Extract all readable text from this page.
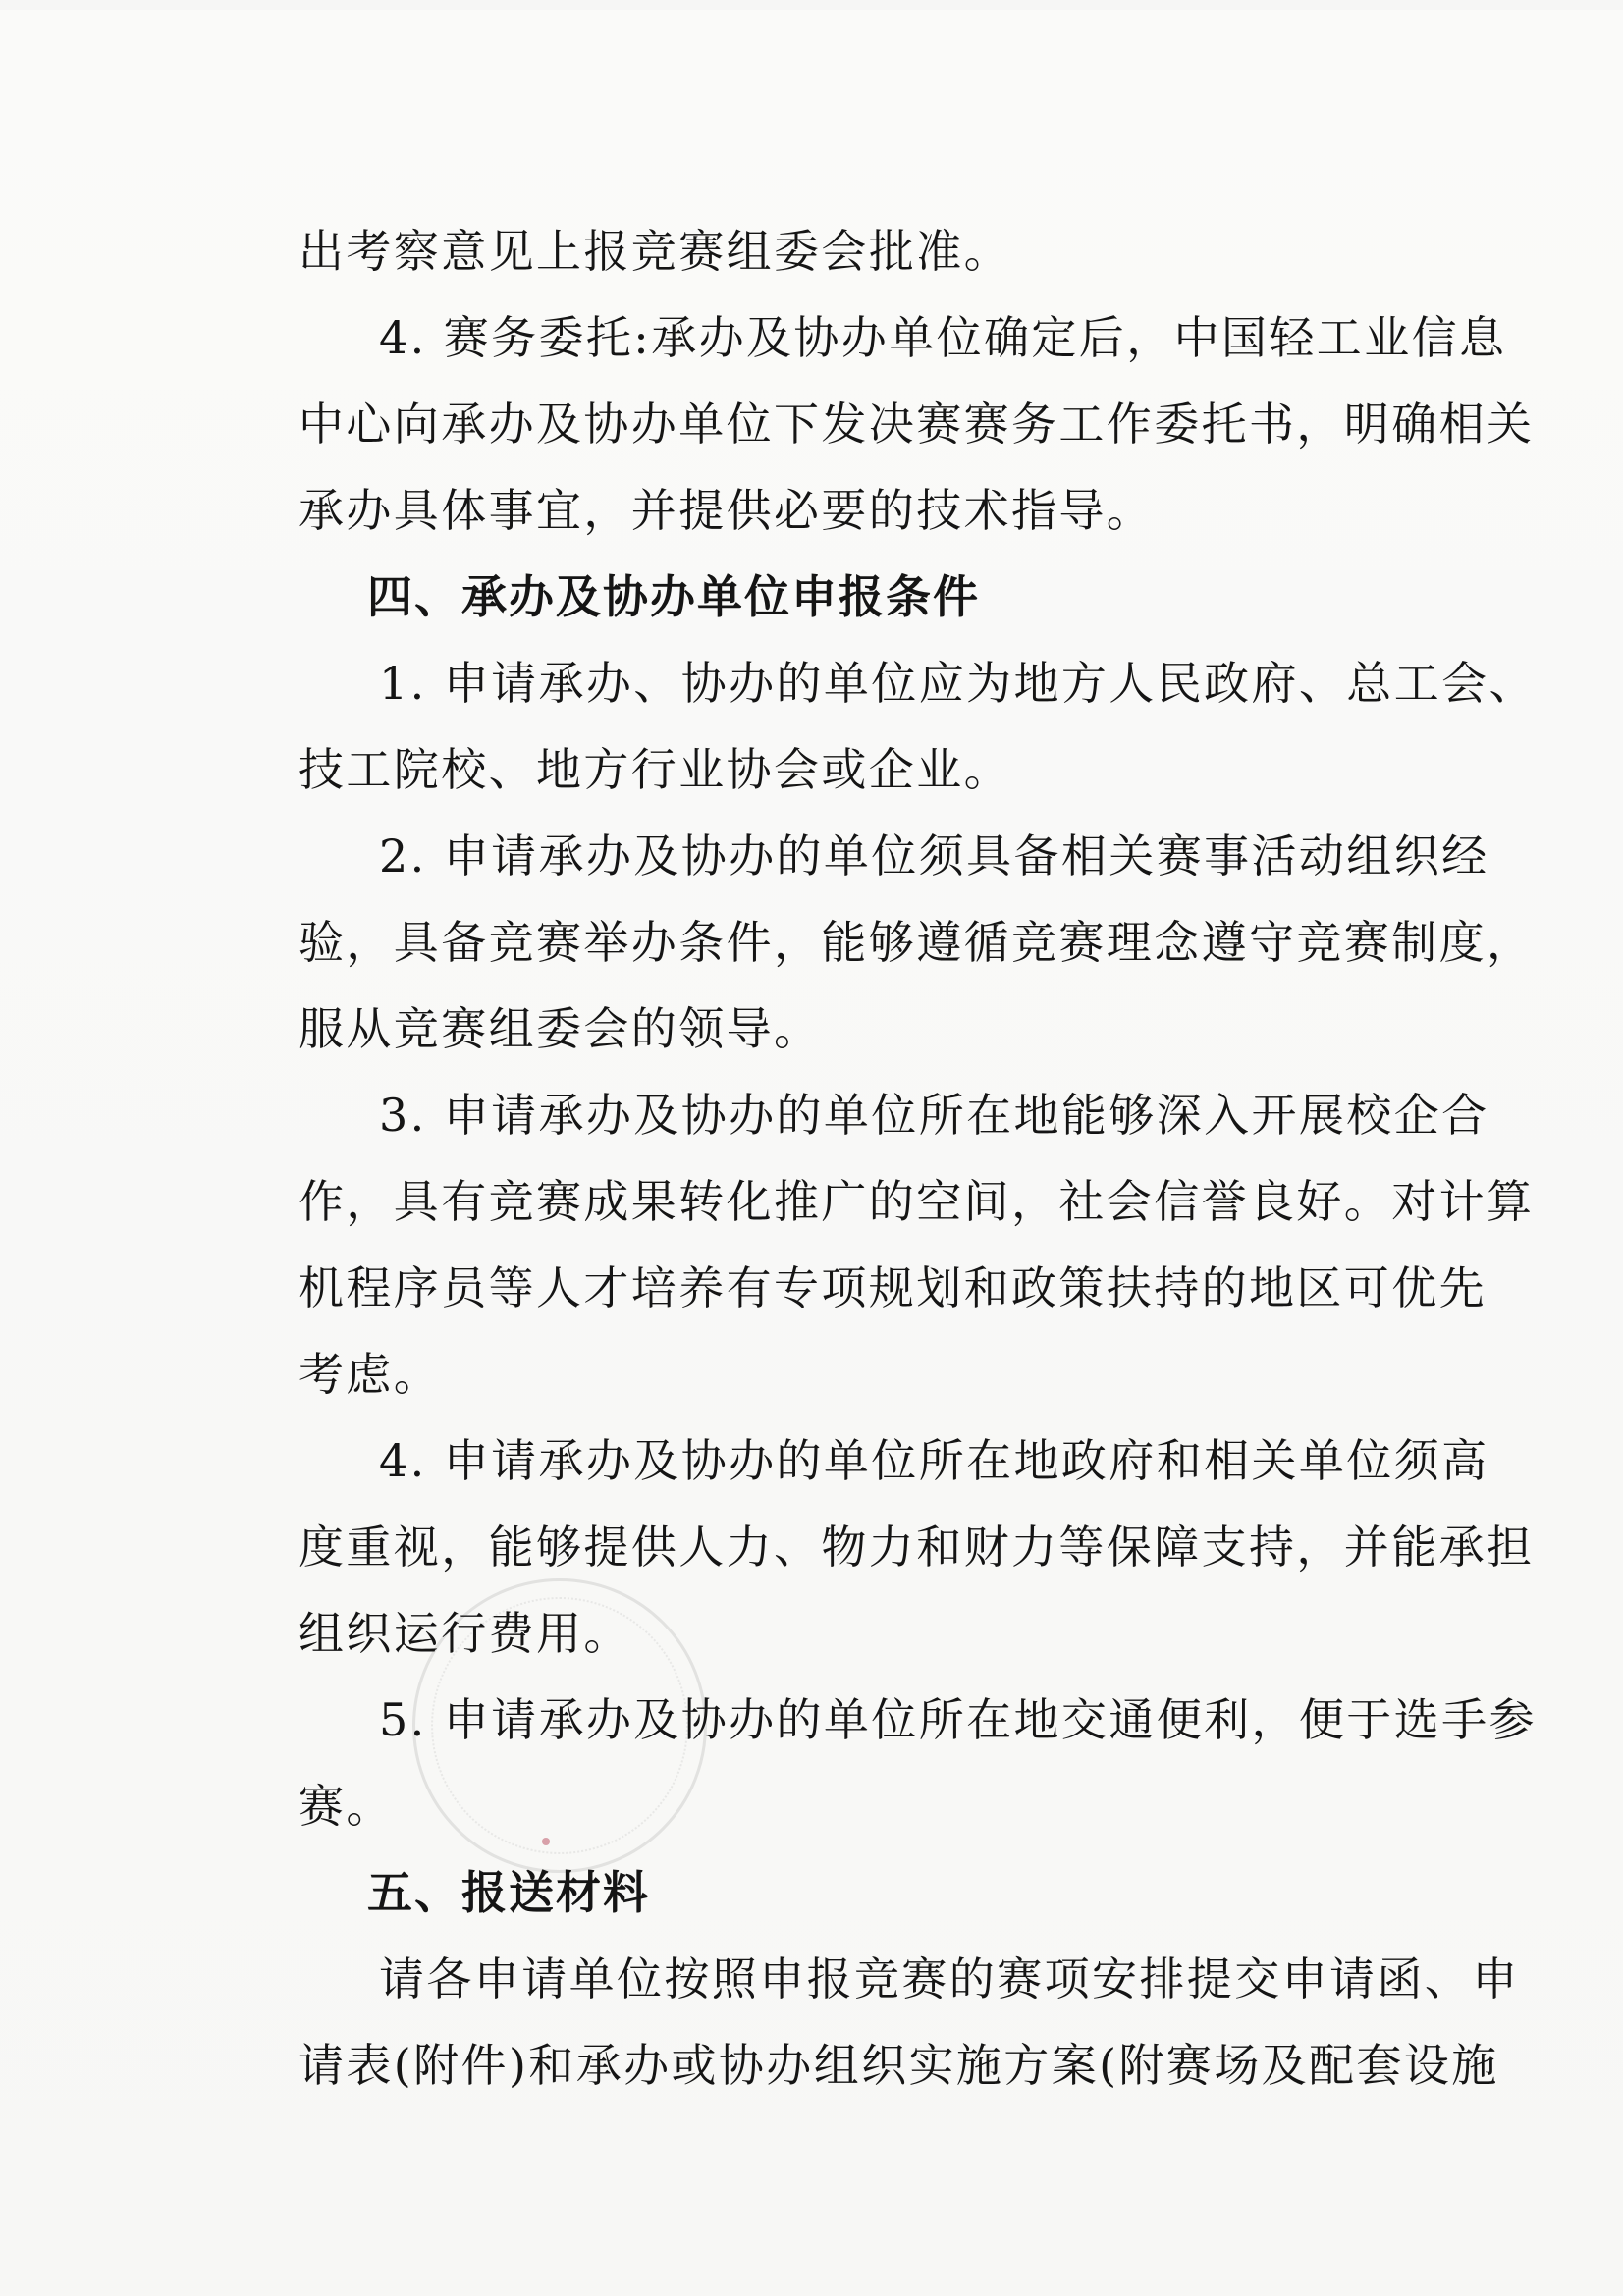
出考察意见上报竞赛组委会批准。

4. 赛务委托:承办及协办单位确定后，中国轻工业信息

中心向承办及协办单位下发决赛赛务工作委托书，明确相关

承办具体事宜，并提供必要的技术指导。

四、承办及协办单位申报条件

1. 申请承办、协办的单位应为地方人民政府、总工会、

技工院校、地方行业协会或企业。

2. 申请承办及协办的单位须具备相关赛事活动组织经

验，具备竞赛举办条件，能够遵循竞赛理念遵守竞赛制度，

服从竞赛组委会的领导。

3. 申请承办及协办的单位所在地能够深入开展校企合

作，具有竞赛成果转化推广的空间，社会信誉良好。对计算

机程序员等人才培养有专项规划和政策扶持的地区可优先

考虑。

4. 申请承办及协办的单位所在地政府和相关单位须高

度重视，能够提供人力、物力和财力等保障支持，并能承担

组织运行费用。

5. 申请承办及协办的单位所在地交通便利，便于选手参

赛。

五、报送材料

请各申请单位按照申报竞赛的赛项安排提交申请函、申

请表(附件)和承办或协办组织实施方案(附赛场及配套设施
